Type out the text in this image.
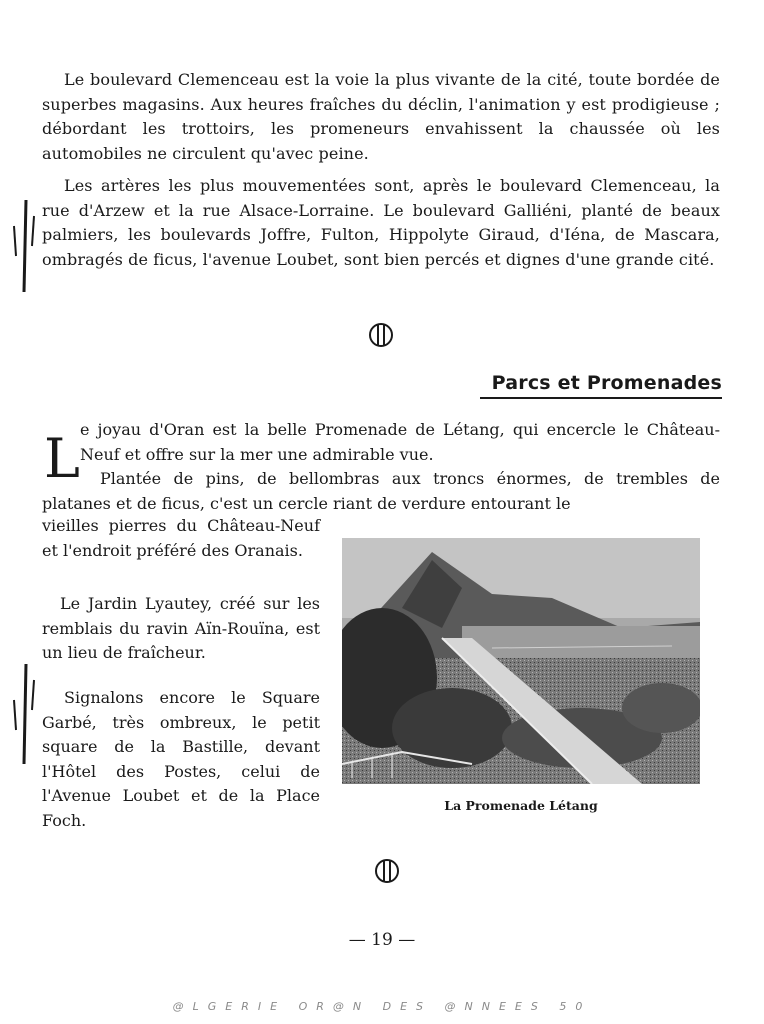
Le boulevard Clemenceau est la voie la plus vivante de la cité, toute bordée de superbes magasins. Aux heures fraîches du déclin, l'animation y est prodigieuse ; débordant les trottoirs, les promeneurs envahissent la chaussée où les automobiles ne circulent qu'avec peine.

Les artères les plus mouvementées sont, après le boulevard Clemenceau, la rue d'Arzew et la rue Alsace-Lorraine. Le boulevard Galliéni, planté de beaux palmiers, les boulevards Joffre, Fulton, Hippolyte Giraud, d'Iéna, de Mascara, ombragés de ficus, l'avenue Loubet, sont bien percés et dignes d'une grande cité.

Parcs et Promenades
L e joyau d'Oran est la belle Promenade de Létang, qui encercle le Château-Neuf et offre sur la mer une admirable vue.

Plantée de pins, de bellombras aux troncs énormes, de trembles de platanes et de ficus, c'est un cercle riant de verdure entourant le

vieilles pierres du Château-Neuf et l'endroit préféré des Oranais.

Le Jardin Lyautey, créé sur les remblais du ravin Aïn-Rouïna, est un lieu de fraîcheur.

Signalons encore le Square Garbé, très ombreux, le petit square de la Bastille, devant l'Hôtel des Postes, celui de l'Avenue Loubet et de la Place Foch.

La Promenade Létang

— 19 —

@LGERIE OR@N DES @NNEES 50
